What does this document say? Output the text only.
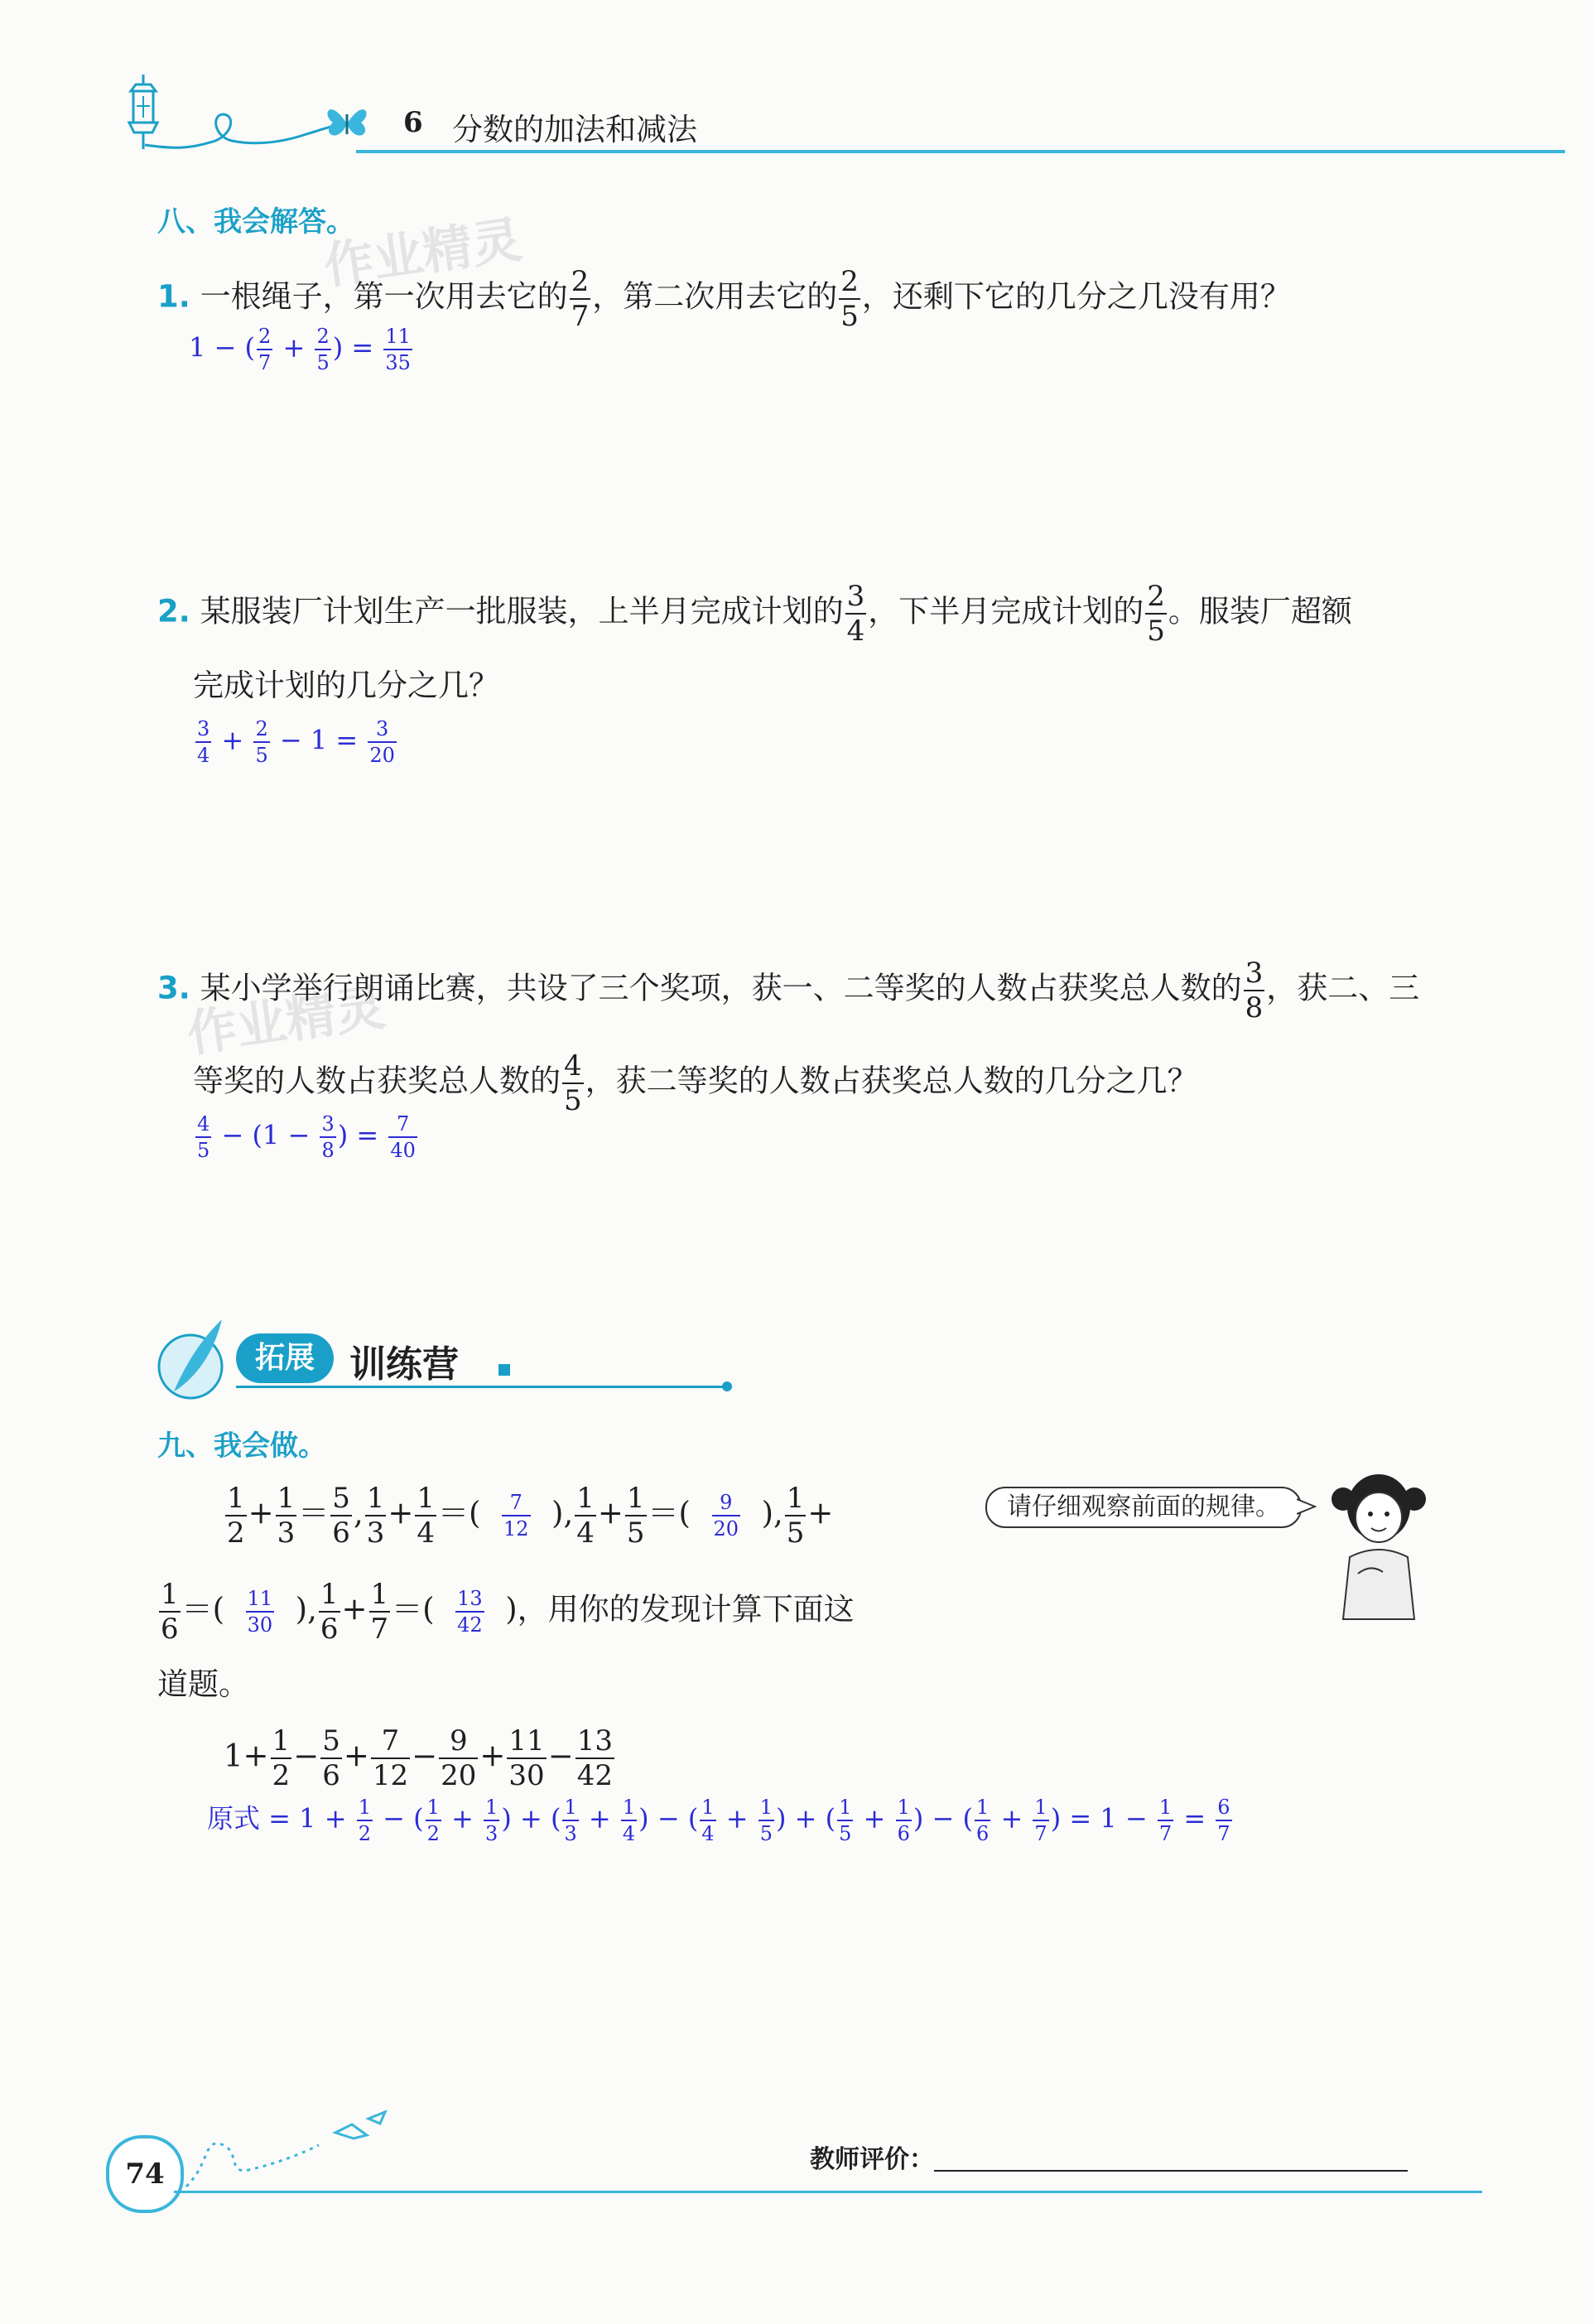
6 分数的加法和减法
八、我会解答。
作业精灵
1. 一根绳子，第一次用去它的 $\frac{2}{7}$ ，第二次用去它的 $\frac{2}{5}$ ，还剩下它的几分之几没有用？
1 − ( $\frac{2}{7} + \frac{2}{5}$ ) = $\frac{11}{35}$
2. 某服装厂计划生产一批服装，上半月完成计划的 $\frac{3}{4}$ ，下半月完成计划的 $\frac{2}{5}$ 。服装厂超额
完成计划的几分之几？
$\frac{3}{4} + \frac{2}{5} - 1 = \frac{3}{20}$
作业精灵
3. 某小学举行朗诵比赛，共设了三个奖项，获一、二等奖的人数占获奖总人数的 $\frac{3}{8}$ ，获二、三
等奖的人数占获奖总人数的 $\frac{4}{5}$ ，获二等奖的人数占获奖总人数的几分之几？
$\frac{4}{5} - (1 - \frac{3}{8}$ ) = $\frac{7}{40}$
拓展 训练营
九、我会做。
$\frac{1}{2} + \frac{1}{3} = \frac{5}{6}$ , $\frac{1}{3} + \frac{1}{4}$ ＝( $\frac{7}{12}$ ), $\frac{1}{4} + \frac{1}{5}$ ＝( $\frac{9}{20}$ ), $\frac{1}{5}$ +	请仔细观察前面的规律。
$\frac{1}{6}$ ＝( $\frac{11}{30}$ ), $\frac{1}{6} + \frac{1}{7}$ ＝( $\frac{13}{42}$ )，用你的发现计算下面这
道题。
$1+ \frac{1}{2} - \frac{5}{6} + \frac{7}{12} - \frac{9}{20} + \frac{11}{30} - \frac{13}{42}$
原式 = $1 + \frac{1}{2}$ − ( $\frac{1}{2} + \frac{1}{3}$ ) + ( $\frac{1}{3} + \frac{1}{4}$ ) − ( $\frac{1}{4} + \frac{1}{5}$ ) + ( $\frac{1}{5} + \frac{1}{6}$ ) − ( $\frac{1}{6} + \frac{1}{7}$ ) = $1 - \frac{1}{7} = \frac{6}{7}$
74	教师评价：
